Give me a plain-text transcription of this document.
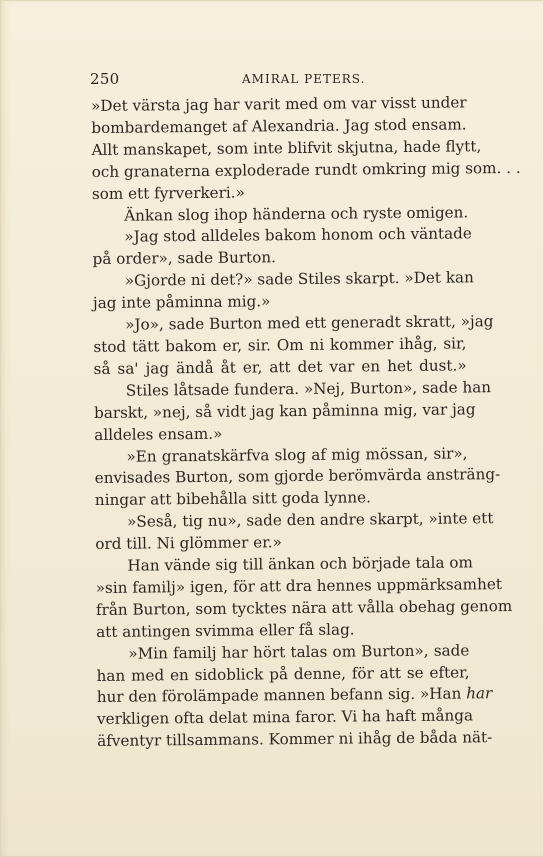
250	AMIRAL PETERS.
»Det värsta jag har varit med om var visst under
bombardemanget af Alexandria. Jag stod ensam.
Allt manskapet, som inte blifvit skjutna, hade flytt,
och granaterna exploderade rundt omkring mig som. . .
som ett fyrverkeri.»
Änkan slog ihop händerna och ryste omigen.
»Jag stod alldeles bakom honom och väntade
på order», sade Burton.
»Gjorde ni det?» sade Stiles skarpt. »Det kan
jag inte påminna mig.»
»Jo», sade Burton med ett generadt skratt, »jag
stod tätt bakom er, sir. Om ni kommer ihåg, sir,
så sa' jag ändå åt er, att det var en het dust.»
Stiles låtsade fundera. »Nej, Burton», sade han
barskt, »nej, så vidt jag kan påminna mig, var jag
alldeles ensam.»
»En granatskärfva slog af mig mössan, sir»,
envisades Burton, som gjorde berömvärda ansträng-
ningar att bibehålla sitt goda lynne.
»Seså, tig nu», sade den andre skarpt, »inte ett
ord till. Ni glömmer er.»
Han vände sig till änkan och började tala om
»sin familj» igen, för att dra hennes uppmärksamhet
från Burton, som tycktes nära att vålla obehag genom
att antingen svimma eller få slag.
»Min familj har hört talas om Burton», sade
han med en sidoblick på denne, för att se efter,
hur den förolämpade mannen befann sig. »Han har
verkligen ofta delat mina faror. Vi ha haft många
äfventyr tillsammans. Kommer ni ihåg de båda nät-
